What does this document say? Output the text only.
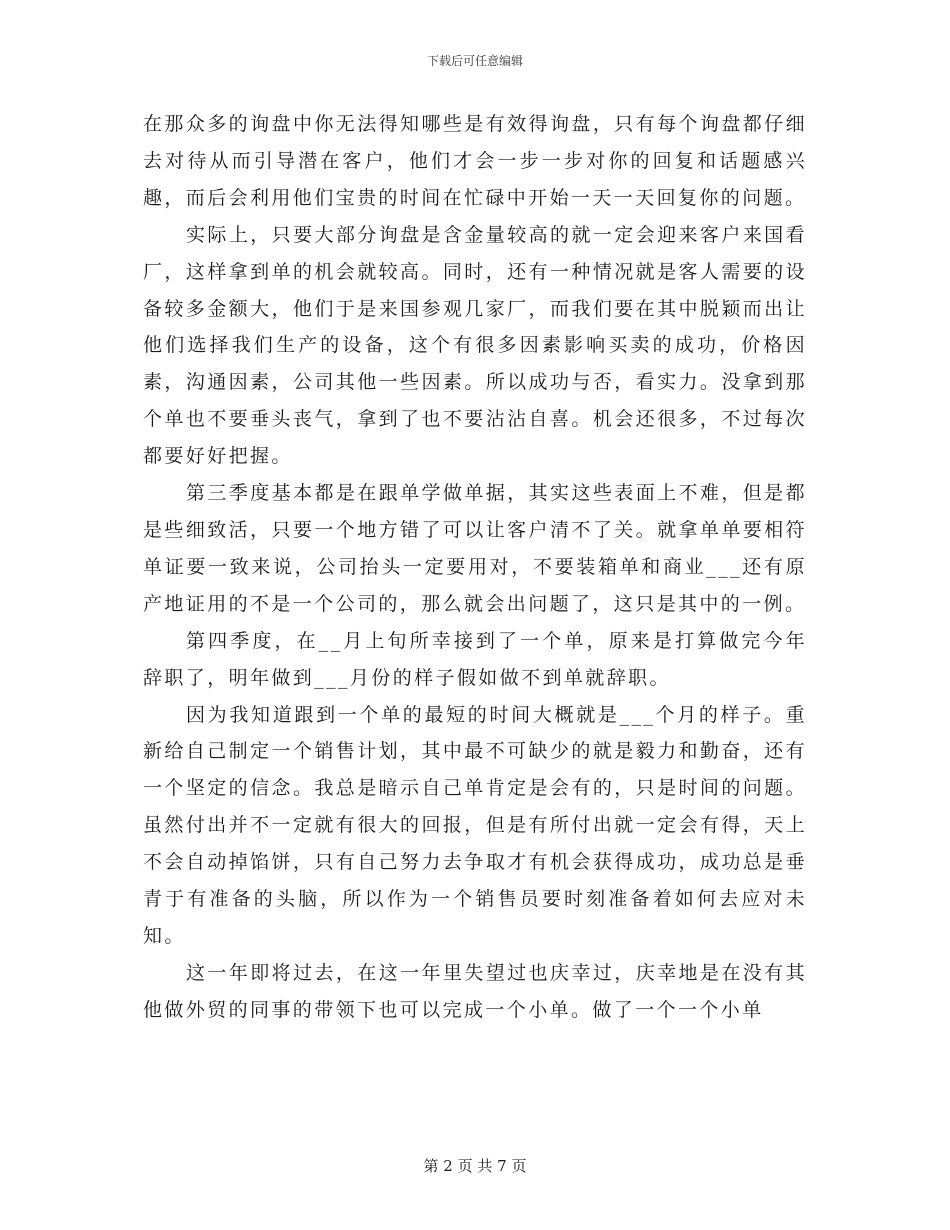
下载后可任意编辑

在那众多的询盘中你无法得知哪些是有效得询盘，只有每个询盘都仔细去对待从而引导潜在客户，他们才会一步一步对你的回复和话题感兴趣，而后会利用他们宝贵的时间在忙碌中开始一天一天回复你的问题。

实际上，只要大部分询盘是含金量较高的就一定会迎来客户来国看厂，这样拿到单的机会就较高。同时，还有一种情况就是客人需要的设备较多金额大，他们于是来国参观几家厂，而我们要在其中脱颖而出让他们选择我们生产的设备，这个有很多因素影响买卖的成功，价格因素，沟通因素，公司其他一些因素。所以成功与否，看实力。没拿到那个单也不要垂头丧气，拿到了也不要沾沾自喜。机会还很多，不过每次都要好好把握。

第三季度基本都是在跟单学做单据，其实这些表面上不难，但是都是些细致活，只要一个地方错了可以让客户清不了关。就拿单单要相符单证要一致来说，公司抬头一定要用对，不要装箱单和商业___还有原产地证用的不是一个公司的，那么就会出问题了，这只是其中的一例。

第四季度，在__月上旬所幸接到了一个单，原来是打算做完今年辞职了，明年做到___月份的样子假如做不到单就辞职。

因为我知道跟到一个单的最短的时间大概就是___个月的样子。重新给自己制定一个销售计划，其中最不可缺少的就是毅力和勤奋，还有一个坚定的信念。我总是暗示自己单肯定是会有的，只是时间的问题。虽然付出并不一定就有很大的回报，但是有所付出就一定会有得，天上不会自动掉馅饼，只有自己努力去争取才有机会获得成功，成功总是垂青于有准备的头脑，所以作为一个销售员要时刻准备着如何去应对未知。

这一年即将过去，在这一年里失望过也庆幸过，庆幸地是在没有其他做外贸的同事的带领下也可以完成一个小单。做了一个一个小单

第 2 页 共 7 页
